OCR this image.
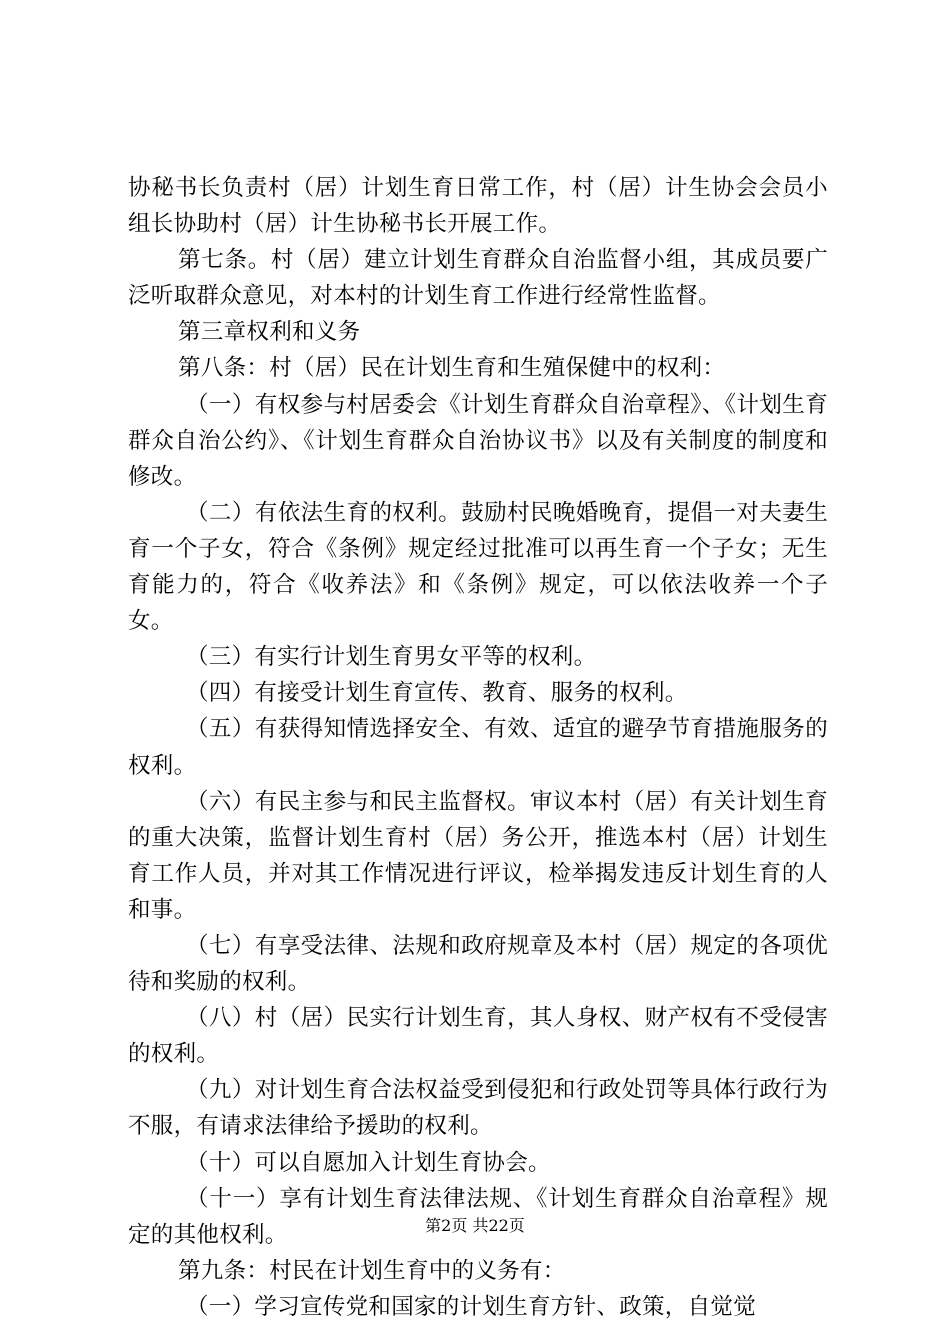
协秘书长负责村（居）计划生育日常工作，村（居）计生协会会员小组长协助村（居）计生协秘书长开展工作。

第七条。村（居）建立计划生育群众自治监督小组，其成员要广泛听取群众意见，对本村的计划生育工作进行经常性监督。

第三章权利和义务

第八条：村（居）民在计划生育和生殖保健中的权利：

（一）有权参与村居委会《计划生育群众自治章程》、《计划生育群众自治公约》、《计划生育群众自治协议书》以及有关制度的制度和修改。

（二）有依法生育的权利。鼓励村民晚婚晚育，提倡一对夫妻生育一个子女，符合《条例》规定经过批准可以再生育一个子女；无生育能力的，符合《收养法》和《条例》规定，可以依法收养一个子女。

（三）有实行计划生育男女平等的权利。

（四）有接受计划生育宣传、教育、服务的权利。

（五）有获得知情选择安全、有效、适宜的避孕节育措施服务的权利。

（六）有民主参与和民主监督权。审议本村（居）有关计划生育的重大决策，监督计划生育村（居）务公开，推选本村（居）计划生育工作人员，并对其工作情况进行评议，检举揭发违反计划生育的人和事。

（七）有享受法律、法规和政府规章及本村（居）规定的各项优待和奖励的权利。

（八）村（居）民实行计划生育，其人身权、财产权有不受侵害的权利。

（九）对计划生育合法权益受到侵犯和行政处罚等具体行政行为不服，有请求法律给予援助的权利。

（十）可以自愿加入计划生育协会。

（十一）享有计划生育法律法规、《计划生育群众自治章程》规定的其他权利。

第九条：村民在计划生育中的义务有：

（一）学习宣传党和国家的计划生育方针、政策，自觉觉

第2页 共22页
